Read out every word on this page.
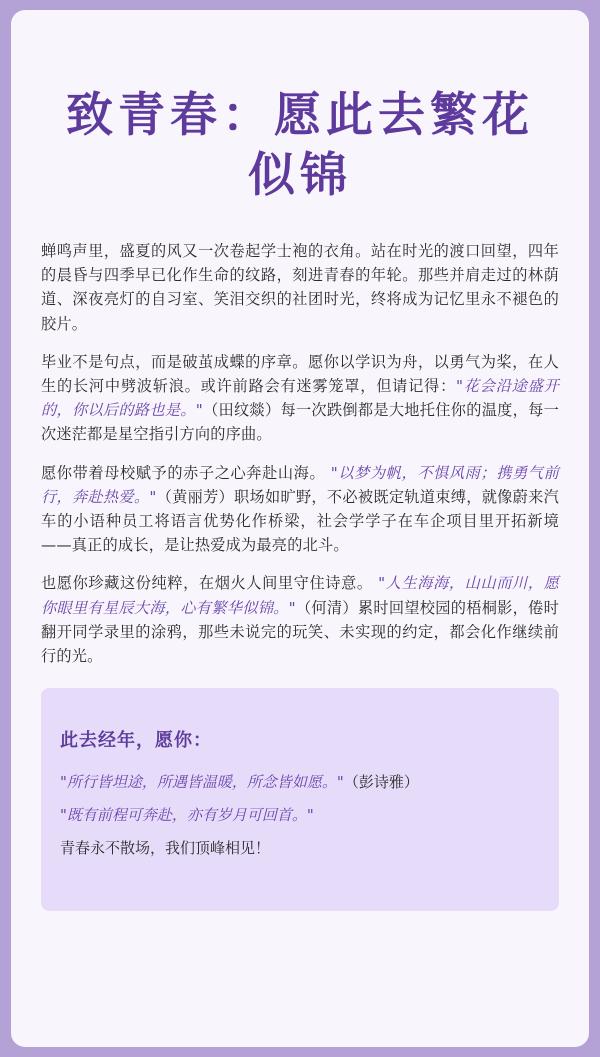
致青春：愿此去繁花
似锦

蝉鸣声里，盛夏的风又一次卷起学士袍的衣角。站在时光的渡口回望，四年的晨昏与四季早已化作生命的纹路，刻进青春的年轮。那些并肩走过的林荫道、深夜亮灯的自习室、笑泪交织的社团时光，终将成为记忆里永不褪色的胶片。

毕业不是句点，而是破茧成蝶的序章。愿你以学识为舟，以勇气为桨，在人生的长河中劈波斩浪。或许前路会有迷雾笼罩，但请记得："花会沿途盛开的，你以后的路也是。"（田纹燚）每一次跌倒都是大地托住你的温度，每一次迷茫都是星空指引方向的序曲。

愿你带着母校赋予的赤子之心奔赴山海。 "以梦为帆，不惧风雨；携勇气前行，奔赴热爱。"（黄丽芳）职场如旷野，不必被既定轨道束缚，就像蔚来汽车的小语种员工将语言优势化作桥梁，社会学学子在车企项目里开拓新境——真正的成长，是让热爱成为最亮的北斗。

也愿你珍藏这份纯粹，在烟火人间里守住诗意。 "人生海海，山山而川，愿你眼里有星辰大海，心有繁华似锦。"（何清）累时回望校园的梧桐影，倦时翻开同学录里的涂鸦，那些未说完的玩笑、未实现的约定，都会化作继续前行的光。

此去经年，愿你：

"所行皆坦途，所遇皆温暖，所念皆如愿。"（彭诗雅）

"既有前程可奔赴，亦有岁月可回首。"

青春永不散场，我们顶峰相见！
